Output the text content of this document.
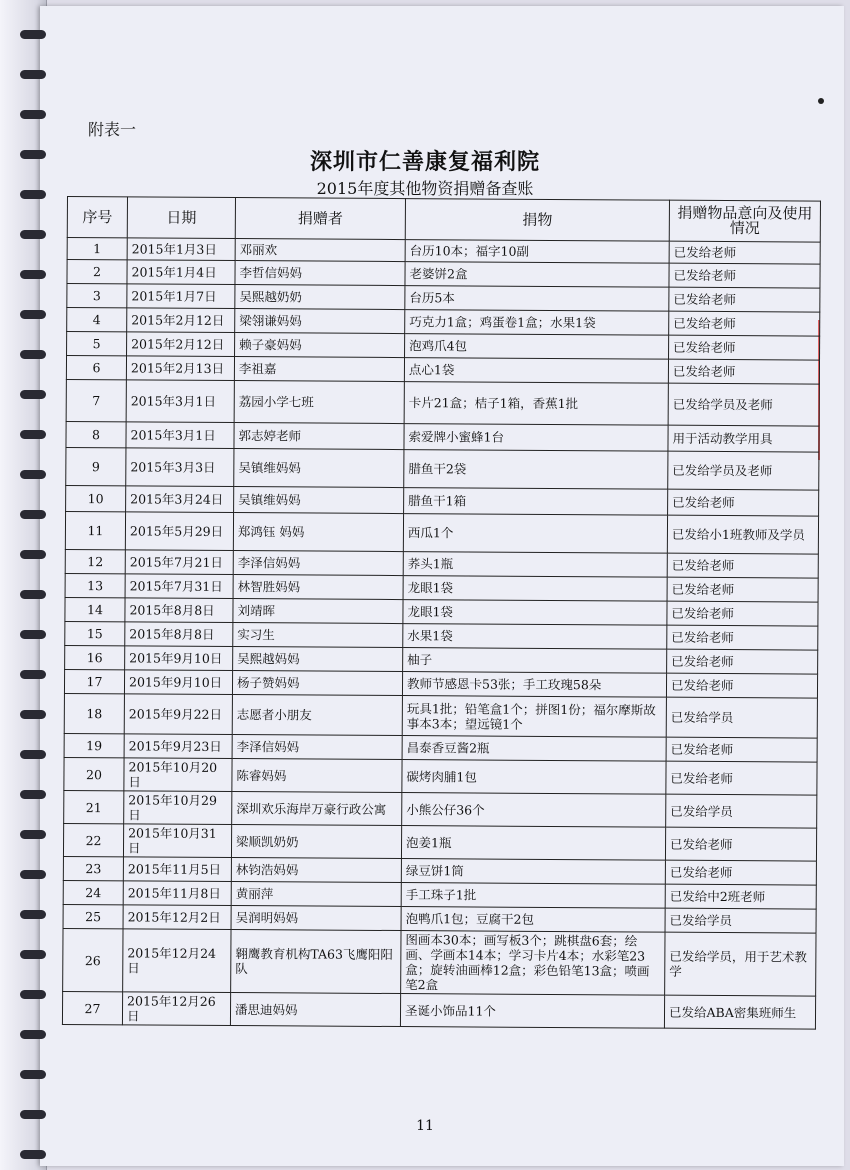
附表一
深圳市仁善康复福利院
2015年度其他物资捐赠备查账
序号	日期	捐赠者	捐物	捐赠物品意向及使用情况
1	2015年1月3日	邓丽欢	台历10本；福字10副	已发给老师
2	2015年1月4日	李哲信妈妈	老婆饼2盒	已发给老师
3	2015年1月7日	吴熙越奶奶	台历5本	已发给老师
4	2015年2月12日	梁翎谦妈妈	巧克力1盒；鸡蛋卷1盒；水果1袋	已发给老师
5	2015年2月12日	赖子豪妈妈	泡鸡爪4包	已发给老师
6	2015年2月13日	李祖嘉	点心1袋	已发给老师
7	2015年3月1日	荔园小学七班	卡片21盒；桔子1箱，香蕉1批	已发给学员及老师
8	2015年3月1日	郭志婷老师	索爱牌小蜜蜂1台	用于活动教学用具
9	2015年3月3日	吴镇维妈妈	腊鱼干2袋	已发给学员及老师
10	2015年3月24日	吴镇维妈妈	腊鱼干1箱	已发给老师
11	2015年5月29日	郑鸿钰 妈妈	西瓜1个	已发给小1班教师及学员
12	2015年7月21日	李泽信妈妈	荞头1瓶	已发给老师
13	2015年7月31日	林智胜妈妈	龙眼1袋	已发给老师
14	2015年8月8日	刘靖晖	龙眼1袋	已发给老师
15	2015年8月8日	实习生	水果1袋	已发给老师
16	2015年9月10日	吴熙越妈妈	柚子	已发给老师
17	2015年9月10日	杨子赞妈妈	教师节感恩卡53张；手工玫瑰58朵	已发给老师
18	2015年9月22日	志愿者小朋友	玩具1批；铅笔盒1个；拼图1份；福尔摩斯故事本3本；望远镜1个	已发给学员
19	2015年9月23日	李泽信妈妈	昌泰香豆酱2瓶	已发给老师
20	2015年10月20日	陈睿妈妈	碳烤肉脯1包	已发给老师
21	2015年10月29日	深圳欢乐海岸万豪行政公寓	小熊公仔36个	已发给学员
22	2015年10月31日	梁顺凯奶奶	泡姜1瓶	已发给老师
23	2015年11月5日	林钧浩妈妈	绿豆饼1筒	已发给老师
24	2015年11月8日	黄丽萍	手工珠子1批	已发给中2班老师
25	2015年12月2日	吴润明妈妈	泡鸭爪1包；豆腐干2包	已发给学员
26	2015年12月24日	翱鹰教育机构TA63飞鹰阳阳队	图画本30本；画写板3个；跳棋盘6套；绘画、学画本14本；学习卡片4本；水彩笔23盒；旋转油画棒12盒；彩色铅笔13盒；喷画笔2盒	已发给学员，用于艺术教学
27	2015年12月26日	潘思迪妈妈	圣诞小饰品11个	已发给ABA密集班师生
11
